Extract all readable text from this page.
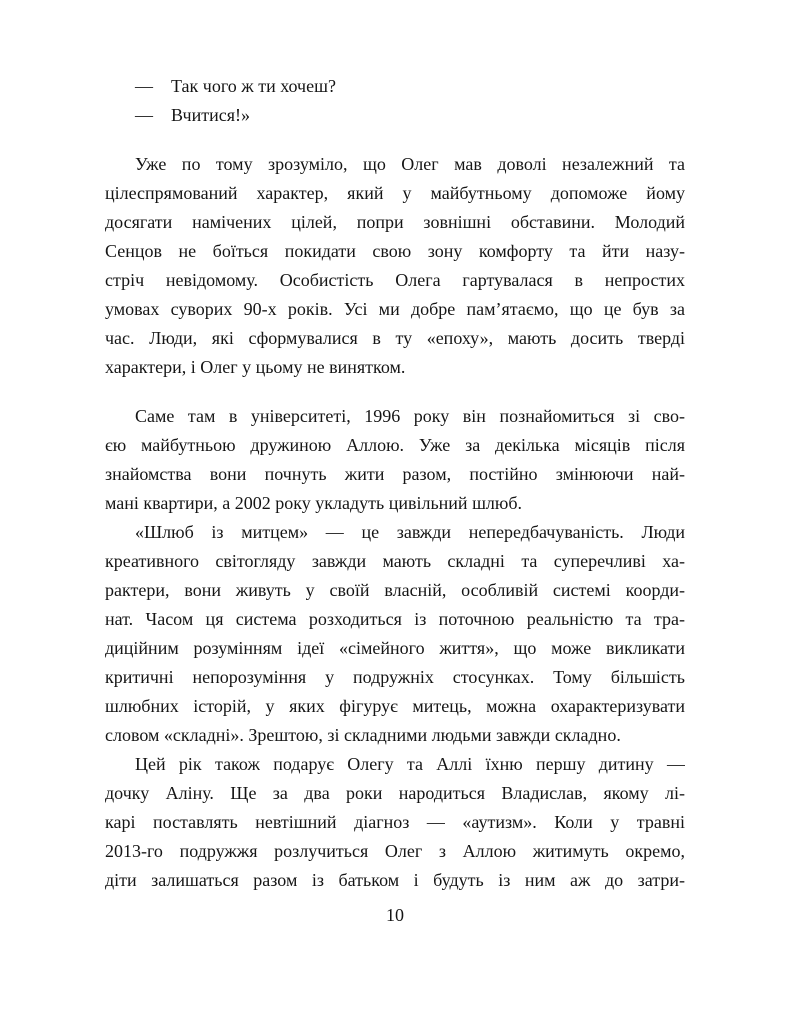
— Так чого ж ти хочеш?
— Вчитися!»
Уже по тому зрозуміло, що Олег мав доволі незалежний та
цілеспрямований характер, який у майбутньому допоможе йому
досягати намічених цілей, попри зовнішні обставини. Молодий
Сенцов не боїться покидати свою зону комфорту та йти назу-
стріч невідомому. Особистість Олега гартувалася в непростих
умовах суворих 90-х років. Усі ми добре пам’ятаємо, що це був за
час. Люди, які сформувалися в ту «епоху», мають досить тверді
характери, і Олег у цьому не винятком.
Саме там в університеті, 1996 року він познайомиться зі сво-
єю майбутньою дружиною Аллою. Уже за декілька місяців після
знайомства вони почнуть жити разом, постійно змінюючи най-
мані квартири, а 2002 року укладуть цивільний шлюб.
«Шлюб із митцем» — це завжди непередбачуваність. Люди
креативного світогляду завжди мають складні та суперечливі ха-
рактери, вони живуть у своїй власній, особливій системі коорди-
нат. Часом ця система розходиться із поточною реальністю та тра-
диційним розумінням ідеї «сімейного життя», що може викликати
критичні непорозуміння у подружніх стосунках. Тому більшість
шлюбних історій, у яких фігурує митець, можна охарактеризувати
словом «складні». Зрештою, зі складними людьми завжди складно.
Цей рік також подарує Олегу та Аллі їхню першу дитину —
дочку Аліну. Ще за два роки народиться Владислав, якому лі-
карі поставлять невтішний діагноз — «аутизм». Коли у травні
2013-го подружжя розлучиться Олег з Аллою житимуть окремо,
діти залишаться разом із батьком і будуть із ним аж до затри-
10
